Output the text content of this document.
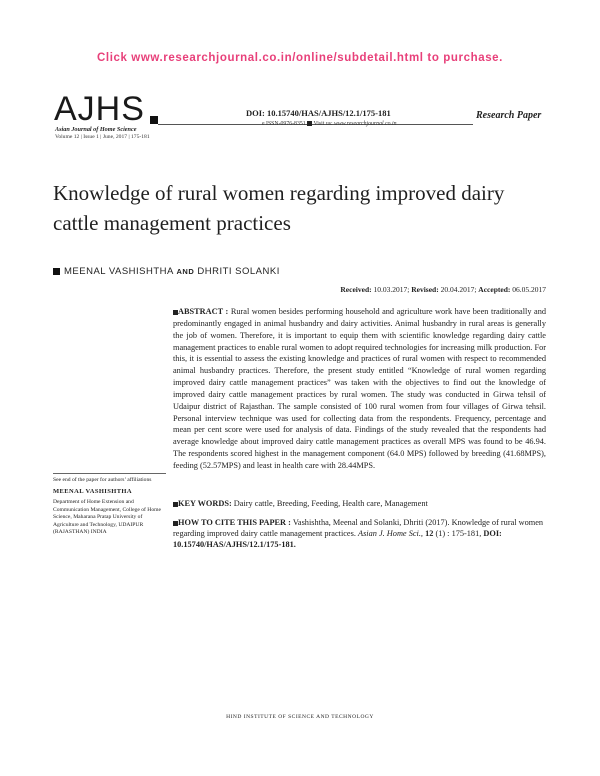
Click www.researchjournal.co.in/online/subdetail.html to purchase.
AJHS
Asian Journal of Home Science
Volume 12 | Issue 1 | June, 2017 | 175-181
DOI: 10.15740/HAS/AJHS/12.1/175-181
e ISSN-0976-8351 Visit us: www.researchjournal.co.in
Research Paper
Knowledge of rural women regarding improved dairy cattle management practices
MEENAL VASHISHTHA AND DHRITI SOLANKI
Received: 10.03.2017; Revised: 20.04.2017; Accepted: 06.05.2017
ABSTRACT : Rural women besides performing household and agriculture work have been traditionally and predominantly engaged in animal husbandry and dairy activities. Animal husbandry in rural areas is generally the job of women. Therefore, it is important to equip them with scientific knowledge regarding dairy cattle management practices to enable rural women to adopt required technologies for increasing milk production. For this, it is essential to assess the existing knowledge and practices of rural women with respect to recommended animal husbandry practices. Therefore, the present study entitled “Knowledge of rural women regarding improved dairy cattle management practices” was taken with the objectives to find out the knowledge of improved dairy cattle management practices by rural women. The study was conducted in Girwa tehsil of Udaipur district of Rajasthan. The sample consisted of 100 rural women from four villages of Girwa tehsil. Personal interview technique was used for collecting data from the respondents. Frequency, percentage and mean per cent score were used for analysis of data. Findings of the study revealed that the respondents had average knowledge about improved dairy cattle management practices as overall MPS was found to be 46.94. The respondents scored highest in the management component (64.0 MPS) followed by breeding (41.68MPS), feeding (52.57MPS) and least in health care with 28.44MPS.
KEY WORDS: Dairy cattle, Breeding, Feeding, Health care, Management
HOW TO CITE THIS PAPER : Vashishtha, Meenal and Solanki, Dhriti (2017). Knowledge of rural women regarding improved dairy cattle management practices. Asian J. Home Sci., 12 (1) : 175-181, DOI: 10.15740/HAS/AJHS/12.1/175-181.
See end of the paper for authors’ affiliations
MEENAL VASHISHTHA
Department of Home Extension and Communication Management, College of Home Science, Maharana Pratap University of Agriculture and Technology, UDAIPUR (RAJASTHAN) INDIA
HIND INSTITUTE OF SCIENCE AND TECHNOLOGY
